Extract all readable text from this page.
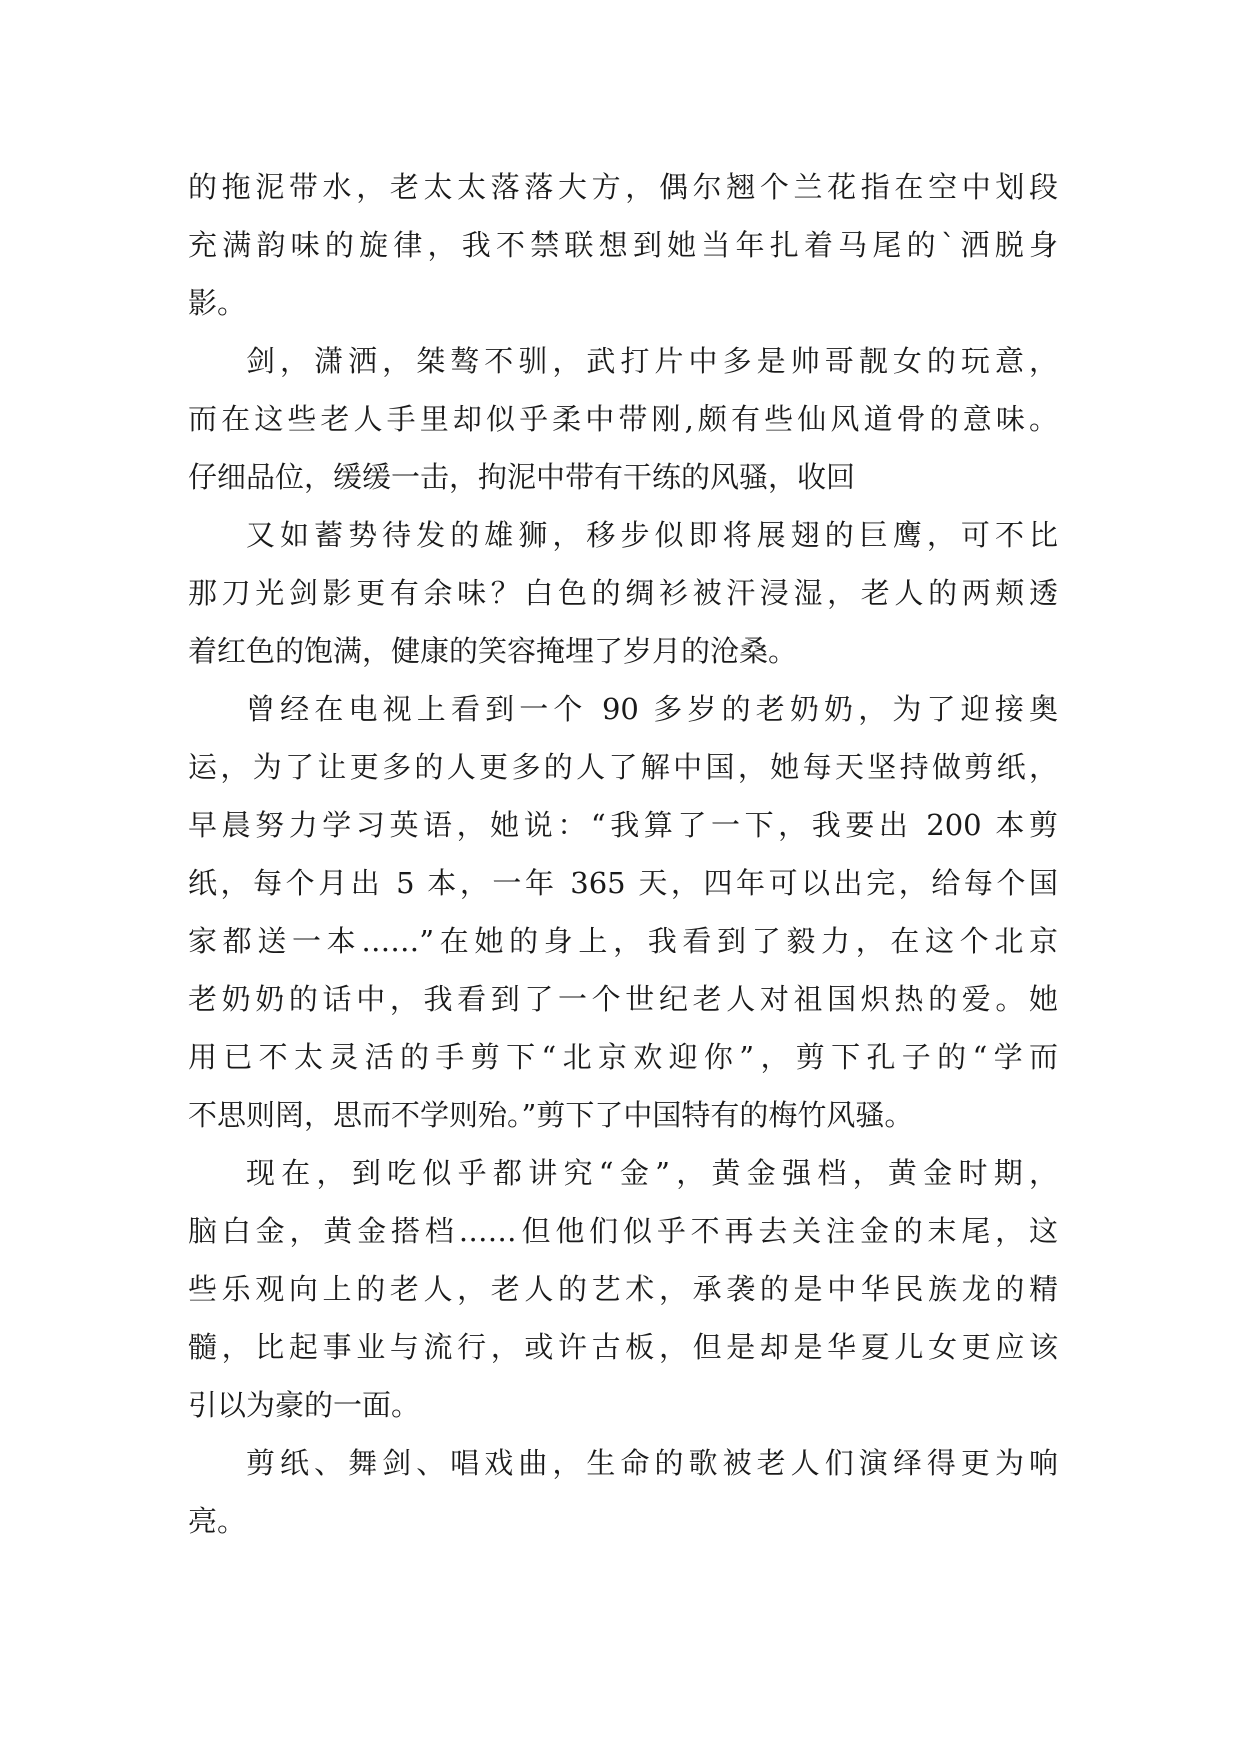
的拖泥带水，老太太落落大方，偶尔翘个兰花指在空中划段
充满韵味的旋律，我不禁联想到她当年扎着马尾的`洒脱身
影。
剑，潇洒，桀骜不驯，武打片中多是帅哥靓女的玩意，
而在这些老人手里却似乎柔中带刚,颇有些仙风道骨的意味。
仔细品位，缓缓一击，拘泥中带有干练的风骚，收回
又如蓄势待发的雄狮，移步似即将展翅的巨鹰，可不比
那刀光剑影更有余味？白色的绸衫被汗浸湿，老人的两颊透
着红色的饱满，健康的笑容掩埋了岁月的沧桑。
曾经在电视上看到一个 90 多岁的老奶奶，为了迎接奥
运，为了让更多的人更多的人了解中国，她每天坚持做剪纸，
早晨努力学习英语，她说：“我算了一下，我要出 200 本剪
纸，每个月出 5 本，一年 365 天，四年可以出完，给每个国
家都送一本……”在她的身上，我看到了毅力，在这个北京
老奶奶的话中，我看到了一个世纪老人对祖国炽热的爱。她
用已不太灵活的手剪下“北京欢迎你”，剪下孔子的“学而
不思则罔，思而不学则殆。”剪下了中国特有的梅竹风骚。
现在，到吃似乎都讲究“金”，黄金强档，黄金时期，
脑白金，黄金搭档……但他们似乎不再去关注金的末尾，这
些乐观向上的老人，老人的艺术，承袭的是中华民族龙的精
髓，比起事业与流行，或许古板，但是却是华夏儿女更应该
引以为豪的一面。
剪纸、舞剑、唱戏曲，生命的歌被老人们演绎得更为响
亮。
